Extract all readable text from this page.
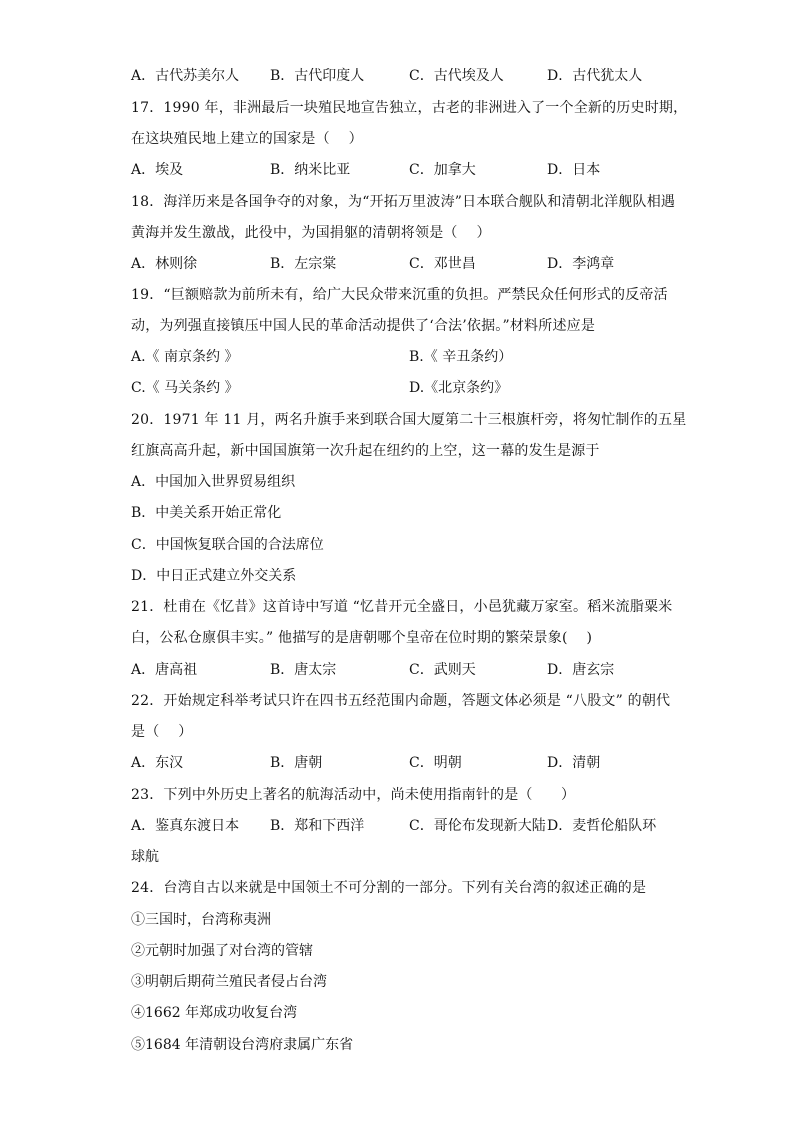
A．古代苏美尔人 B．古代印度人	C．古代埃及人	D．古代犹太人
17．1990 年，非洲最后一块殖民地宣告独立，古老的非洲进入了一个全新的历史时期，
在这块殖民地上建立的国家是（　 ）
A．埃及	B．纳米比亚	C．加拿大	D．日本
18．海洋历来是各国争夺的对象，为“开拓万里波涛”日本联合舰队和清朝北洋舰队相遇
黄海并发生激战，此役中，为国捐躯的清朝将领是（　 ）
A．林则徐	B．左宗棠	C．邓世昌	D．李鸿章
19．“巨额赔款为前所未有，给广大民众带来沉重的负担。严禁民众任何形式的反帝活
动，为列强直接镇压中国人民的革命活动提供了‘合法’依据。”材料所述应是
A.《 南京条约 》	B.《 辛丑条约）
C.《 马关条约 》	D.《北京条约》
20．1971 年 11 月，两名升旗手来到联合国大厦第二十三根旗杆旁，将匆忙制作的五星
红旗高高升起，新中国国旗第一次升起在纽约的上空，这一幕的发生是源于
A．中国加入世界贸易组织
B．中美关系开始正常化
C．中国恢复联合国的合法席位
D．中日正式建立外交关系
21．杜甫在《忆昔》这首诗中写道 “忆昔开元全盛日，小邑犹藏万家室。稻米流脂粟米
白，公私仓廪俱丰实。” 他描写的是唐朝哪个皇帝在位时期的繁荣景象(　 )
A．唐高祖	B．唐太宗	C．武则天	D．唐玄宗
22．开始规定科举考试只许在四书五经范围内命题，答题文体必须是 “八股文” 的朝代
是（　 ）
A．东汉	B．唐朝	C．明朝	D．清朝
23．下列中外历史上著名的航海活动中，尚未使用指南针的是（　　）
A．鉴真东渡日本 B．郑和下西洋	C．哥伦布发现新大陆 D．麦哲伦船队环
球航
24．台湾自古以来就是中国领土不可分割的一部分。下列有关台湾的叙述正确的是
①三国时，台湾称夷洲
②元朝时加强了对台湾的管辖
③明朝后期荷兰殖民者侵占台湾
④1662 年郑成功收复台湾
⑤1684 年清朝设台湾府隶属广东省
